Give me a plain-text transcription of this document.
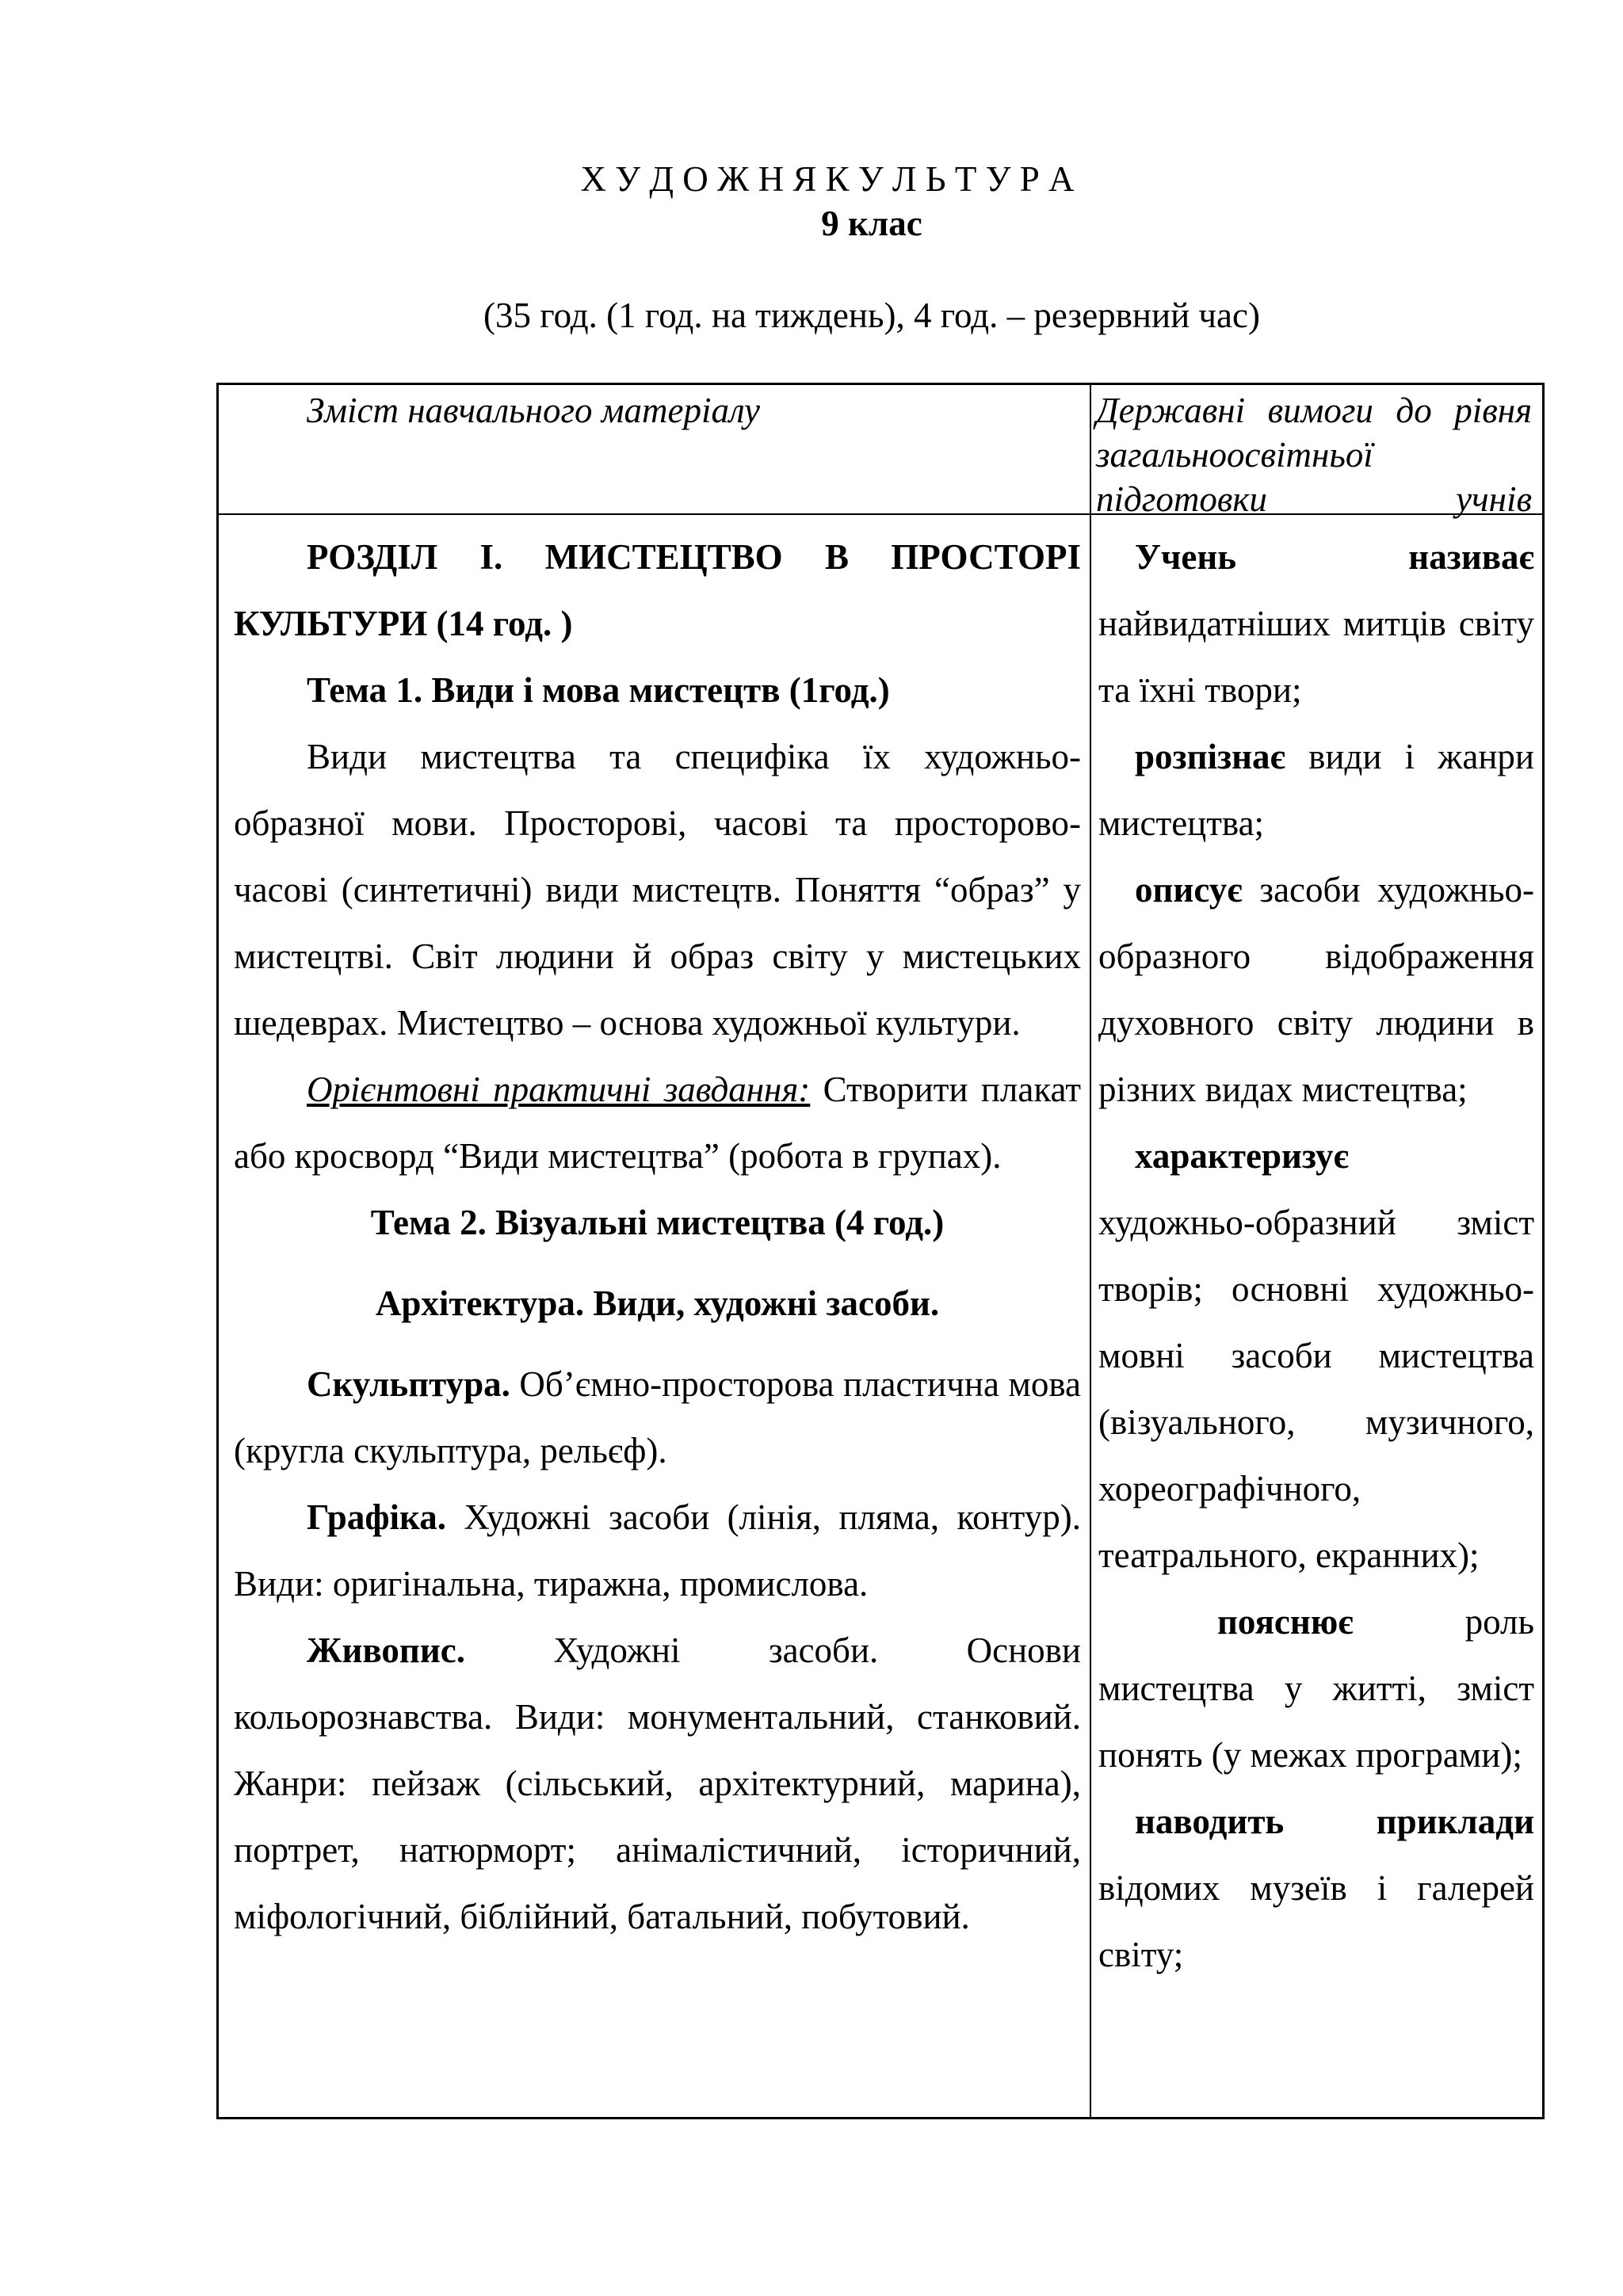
Х У Д О Ж Н Я К У Л Ь Т У Р А
9 клас
(35 год. (1 год. на тиждень), 4 год. – резервний час)
Зміст навчального матеріалу	Державні вимоги до рівня загальноосвітньої підготовки учнів

РОЗДІЛ І. МИСТЕЦТВО В ПРОСТОРІ КУЛЬТУРИ (14 год. )

Тема 1. Види і мова мистецтв (1год.)

Види мистецтва та специфіка їх художньо-образної мови. Просторові, часові та просторово-часові (синтетичні) види мистецтв. Поняття “образ” у мистецтві. Світ людини й образ світу у мистецьких шедеврах. Мистецтво – основа художньої культури.

Орієнтовні практичні завдання: Створити плакат або кросворд “Види мистецтва” (робота в групах).

Тема 2. Візуальні мистецтва (4 год.)

Архітектура. Види, художні засоби.

Скульптура. Об’ємно-просторова пластична мова (кругла скульптура, рельєф).

Графіка. Художні засоби (лінія, пляма, контур). Види: оригінальна, тиражна, промислова.

Живопис. Художні засоби. Основи кольорознавства. Види: монументальний, станковий. Жанри: пейзаж (сільський, архітектурний, марина), портрет, натюрморт; анімалістичний, історичний, міфологічний, біблійний, батальний, побутовий.

Учень називає найвидатніших митців світу та їхні твори;

розпізнає види і жанри мистецтва;

описує засоби художньо-образного відображення духовного світу людини в різних видах мистецтва;

характеризує
художньо-образний зміст творів; основні художньо-мовні засоби мистецтва (візуального, музичного, хореографічного, театрального, екранних);

пояснює роль мистецтва у житті, зміст понять (у межах програми);

наводить приклади відомих музеїв і галерей світу;
